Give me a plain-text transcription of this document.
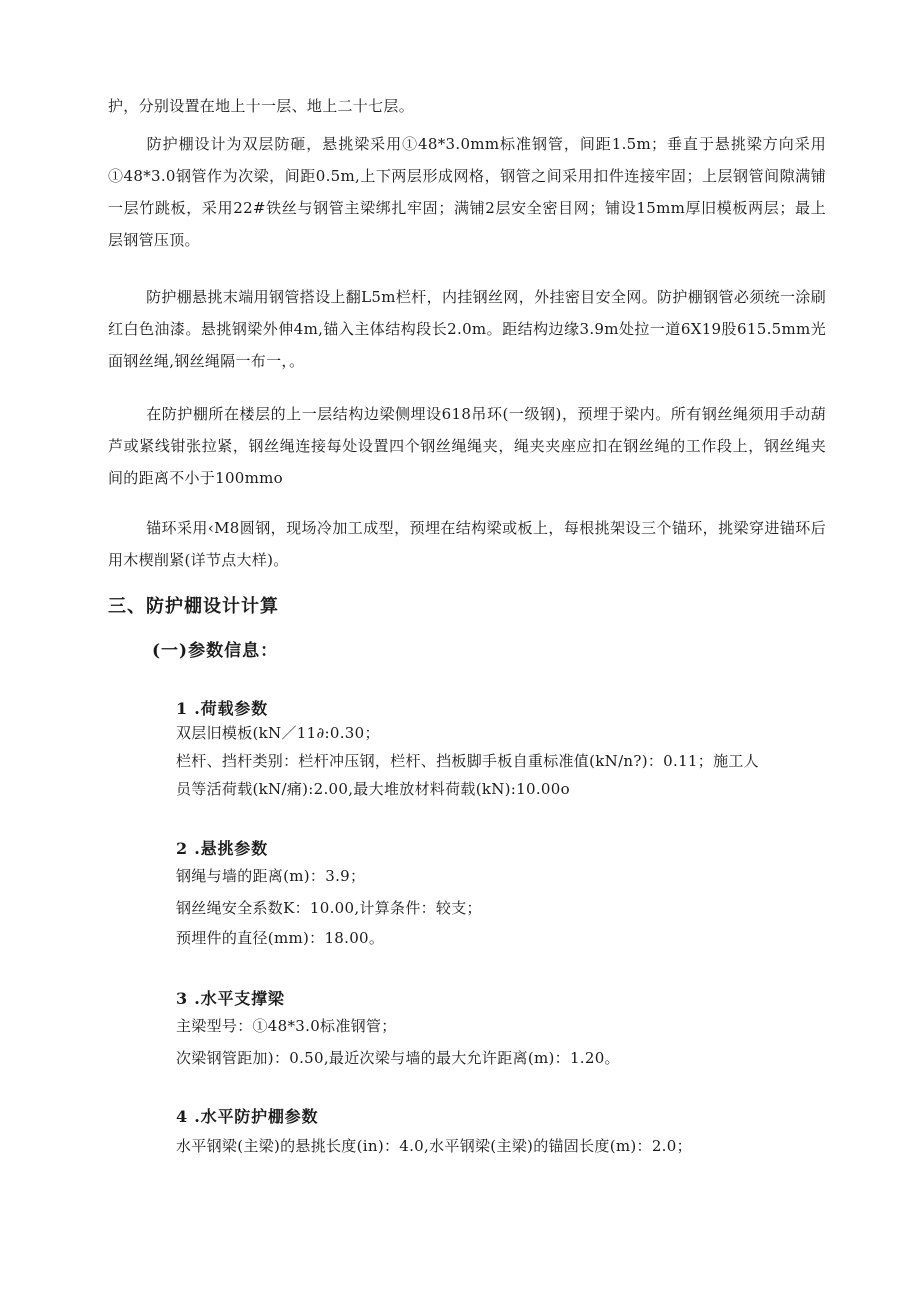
护，分别设置在地上十一层、地上二十七层。

防护棚设计为双层防砸，悬挑梁采用①48*3.0mm标准钢管，间距1.5m；垂直于悬挑梁方向采用①48*3.0钢管作为次梁，间距0.5m,上下两层形成网格，钢管之间采用扣件连接牢固；上层钢管间隙满铺一层竹跳板，采用22#铁丝与钢管主梁绑扎牢固；满铺2层安全密目网；铺设15mm厚旧模板两层；最上层钢管压顶。

防护棚悬挑末端用钢管搭设上翻L5m栏杆，内挂钢丝网，外挂密目安全网。防护棚钢管必须统一涂刷红白色油漆。悬挑钢梁外伸4m,锚入主体结构段长2.0m。距结构边缘3.9m处拉一道6X19股615.5mm光面钢丝绳,钢丝绳隔一布一，。

在防护棚所在楼层的上一层结构边梁侧埋设618吊环(一级钢)，预埋于梁内。所有钢丝绳须用手动葫芦或紧线钳张拉紧，钢丝绳连接每处设置四个钢丝绳绳夹，绳夹夹座应扣在钢丝绳的工作段上，钢丝绳夹间的距离不小于100mmo

锚环采用‹M8圆钢，现场冷加工成型，预埋在结构梁或板上，每根挑架设三个锚环，挑梁穿进锚环后用木楔削紧(详节点大样)。

三、防护棚设计计算
(一)参数信息：
1 .荷载参数

双层旧模板(kN／11∂:0.30；

栏杆、挡杆类别：栏杆冲压钢，栏杆、挡板脚手板自重标准值(kN/n?)：0.11；施工人

员等活荷载(kN/痛):2.00,最大堆放材料荷载(kN):10.00o

2 .悬挑参数

钢绳与墙的距离(m)：3.9；

钢丝绳安全系数K：10.00,计算条件：较支；

预埋件的直径(mm)：18.00。

3 .水平支撑梁

主梁型号：①48*3.0标准钢管；

次梁钢管距加)：0.50,最近次梁与墙的最大允许距离(m)：1.20。

4 .水平防护棚参数

水平钢梁(主梁)的悬挑长度(in)：4.0,水平钢梁(主梁)的锚固长度(m)：2.0；
